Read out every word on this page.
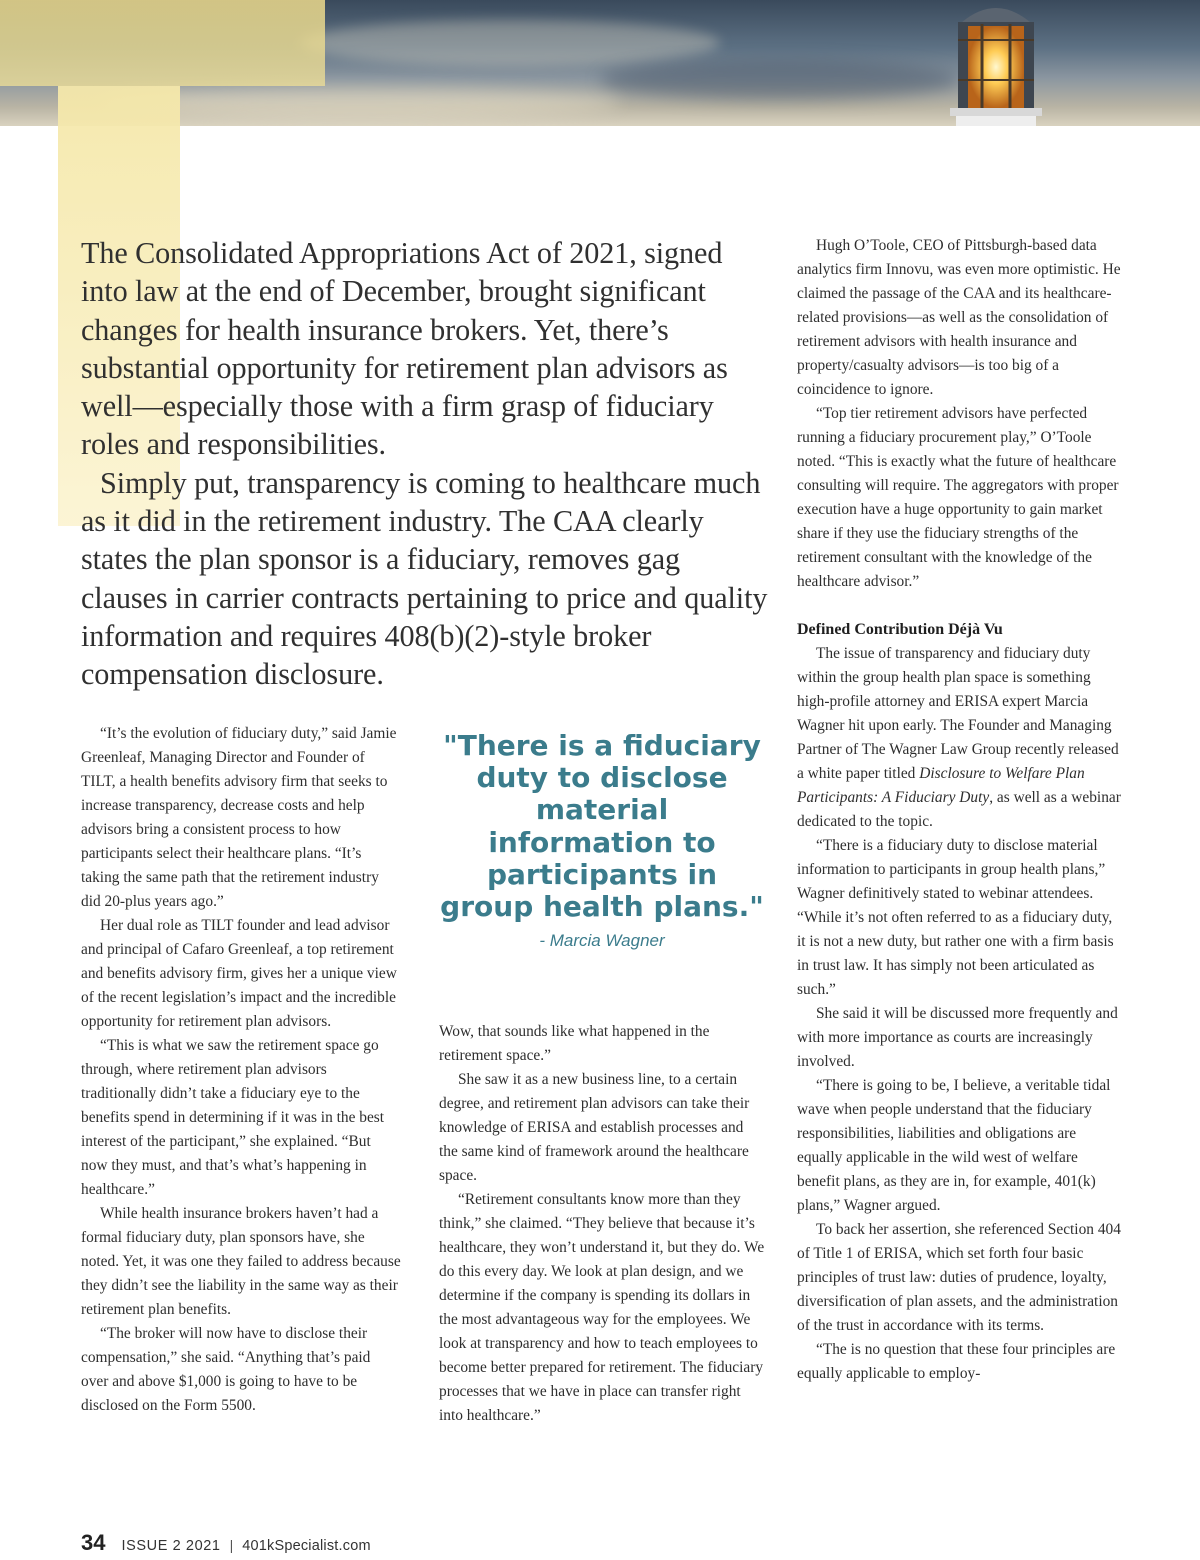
The Consolidated Appropriations Act of 2021, signed into law at the end of December, brought significant changes for health insurance brokers. Yet, there’s substantial opportunity for retirement plan advisors as well—especially those with a firm grasp of fiduciary roles and responsibilities.

Simply put, transparency is coming to healthcare much as it did in the retirement industry. The CAA clearly states the plan sponsor is a fiduciary, removes gag clauses in carrier contracts pertaining to price and quality information and requires 408(b)(2)-style broker compensation disclosure.

“It’s the evolution of fiduciary duty,” said Jamie Greenleaf, Managing Director and Founder of TILT, a health benefits advisory firm that seeks to increase transparency, decrease costs and help advisors bring a consistent process to how participants select their healthcare plans. “It’s taking the same path that the retirement industry did 20-plus years ago.”

Her dual role as TILT founder and lead advisor and principal of Cafaro Greenleaf, a top retirement and benefits advisory firm, gives her a unique view of the recent legislation’s impact and the incredible opportunity for retirement plan advisors.

“This is what we saw the retirement space go through, where retirement plan advisors traditionally didn’t take a fiduciary eye to the benefits spend in determining if it was in the best interest of the participant,” she explained. “But now they must, and that’s what’s happening in healthcare.”

While health insurance brokers haven’t had a formal fiduciary duty, plan sponsors have, she noted. Yet, it was one they failed to address because they didn’t see the liability in the same way as their retirement plan benefits.

“The broker will now have to disclose their compensation,” she said. “Anything that’s paid over and above $1,000 is going to have to be disclosed on the Form 5500.

"There is a fiduciary duty to disclose material information to participants in group health plans."

- Marcia Wagner

Wow, that sounds like what happened in the retirement space.”

She saw it as a new business line, to a certain degree, and retirement plan advisors can take their knowledge of ERISA and establish processes and the same kind of framework around the healthcare space.

“Retirement consultants know more than they think,” she claimed. “They believe that because it’s healthcare, they won’t understand it, but they do. We do this every day. We look at plan design, and we determine if the company is spending its dollars in the most advantageous way for the employees. We look at transparency and how to teach employees to become better prepared for retirement. The fiduciary processes that we have in place can transfer right into healthcare.”

Hugh O’Toole, CEO of Pittsburgh-based data analytics firm Innovu, was even more optimistic. He claimed the passage of the CAA and its healthcare-related provisions—as well as the consolidation of retirement advisors with health insurance and property/casualty advisors—is too big of a coincidence to ignore.

“Top tier retirement advisors have perfected running a fiduciary procurement play,” O’Toole noted. “This is exactly what the future of healthcare consulting will require. The aggregators with proper execution have a huge opportunity to gain market share if they use the fiduciary strengths of the retirement consultant with the knowledge of the healthcare advisor.”

Defined Contribution Déjà Vu

The issue of transparency and fiduciary duty within the group health plan space is something high-profile attorney and ERISA expert Marcia Wagner hit upon early. The Founder and Managing Partner of The Wagner Law Group recently released a white paper titled Disclosure to Welfare Plan Participants: A Fiduciary Duty, as well as a webinar dedicated to the topic.

“There is a fiduciary duty to disclose material information to participants in group health plans,” Wagner definitively stated to webinar attendees. “While it’s not often referred to as a fiduciary duty, it is not a new duty, but rather one with a firm basis in trust law. It has simply not been articulated as such.”

She said it will be discussed more frequently and with more importance as courts are increasingly involved.

“There is going to be, I believe, a veritable tidal wave when people understand that the fiduciary responsibilities, liabilities and obligations are equally applicable in the wild west of welfare benefit plans, as they are in, for example, 401(k) plans,” Wagner argued.

To back her assertion, she referenced Section 404 of Title 1 of ERISA, which set forth four basic principles of trust law: duties of prudence, loyalty, diversification of plan assets, and the administration of the trust in accordance with its terms.

“The is no question that these four principles are equally applicable to employ-

34 ISSUE 2 2021 | 401kSpecialist.com
